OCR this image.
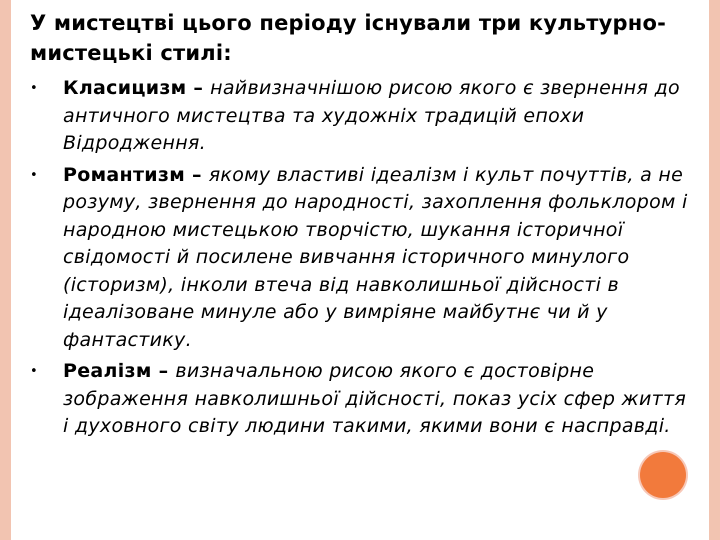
У мистецтві цього періоду існували три культурно-мистецькі стилі:
• Класицизм – найвизначнішою рисою якого є звернення до античного мистецтва та художніх традицій епохи Відродження.
• Романтизм – якому властиві ідеалізм і культ почуттів, а не розуму, звернення до народності, захоплення фольклором і народною мистецькою творчістю, шукання історичної свідомості й посилене вивчання історичного минулого (історизм), інколи втеча від навколишньої дійсності в ідеалізоване минуле або у вимріяне майбутнє чи й у фантастику.
• Реалізм – визначальною рисою якого є достовірне зображення навколишньої дійсності, показ усіх сфер життя і духовного світу людини такими, якими вони є насправді.
